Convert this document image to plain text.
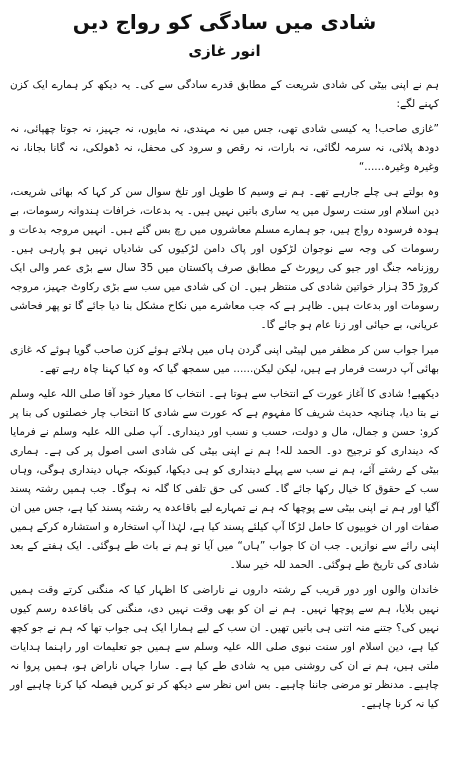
شادی میں سادگی کو رواج دیں
انور غازی

ہم نے اپنی بیٹی کی شادی شریعت کے مطابق قدرے سادگی سے کی۔ یہ دیکھ کر ہمارے ایک کزن کہنے لگے:

”غازی صاحب! یہ کیسی شادی تھی، جس میں نہ مہندی، نہ مایوں، نہ جہیز، نہ جوتا چھپائی، نہ دودھ پلائی، نہ سرمہ لگائی، نہ بارات، نہ رقص و سرود کی محفل، نہ ڈھولکی، نہ گانا بجانا، نہ وغیرہ وغیرہ......“

وہ بولتے ہی چلے جارہے تھے۔ ہم نے وسیم کا طویل اور تلخ سوال سن کر کہا کہ بھائی شریعت، دین اسلام اور سنت رسول میں یہ ساری باتیں نہیں ہیں۔ یہ بدعات، خرافات ہندوانہ رسومات، بے ہودہ فرسودہ رواج ہیں، جو ہمارے مسلم معاشروں میں رچ بس گئے ہیں۔ انہیں مروجہ بدعات و رسومات کی وجہ سے نوجوان لڑکوں اور پاک دامن لڑکیوں کی شادیاں نہیں ہو پارہی ہیں۔ روزنامہ جنگ اور جیو کی رپورٹ کے مطابق صرف پاکستان میں 35 سال سے بڑی عمر والی ایک کروڑ 35 ہزار خواتین شادی کی منتظر ہیں۔ ان کی شادی میں سب سے بڑی رکاوٹ جہیز، مروجہ رسومات اور بدعات ہیں۔ ظاہر ہے کہ جب معاشرے میں نکاح مشکل بنا دیا جائے گا تو پھر فحاشی عریانی، بے حیائی اور زنا عام ہو جائے گا۔

میرا جواب سن کر مظفر میں لپیٹی اپنی گردن ہاں میں ہلاتے ہوئے کزن صاحب گویا ہوئے کہ غازی بھائی آپ درست فرمار ہے ہیں، لیکن لیکن...... میں سمجھ گیا کہ وہ کیا کہنا چاہ رہے تھے۔

دیکھیے! شادی کا آغاز عورت کے انتخاب سے ہوتا ہے۔ انتخاب کا معیار خود آقا صلی اللہ علیہ وسلم نے بتا دیا، چنانچہ حدیث شریف کا مفہوم ہے کہ عورت سے شادی کا انتخاب چار خصلتوں کی بنا پر کرو: حسن و جمال، مال و دولت، حسب و نسب اور دینداری۔ آپ صلی اللہ علیہ وسلم نے فرمایا کہ دینداری کو ترجیح دو۔ الحمد للہ! ہم نے اپنی بیٹی کی شادی اسی اصول پر کی ہے۔ ہماری بیٹی کے رشتے آئے، ہم نے سب سے پہلے دینداری کو ہی دیکھا، کیونکہ جہاں دینداری ہوگی، وہاں سب کے حقوق کا خیال رکھا جائے گا۔ کسی کی حق تلفی کا گلہ نہ ہوگا۔ جب ہمیں رشتہ پسند آگیا اور ہم نے اپنی بیٹی سے پوچھا کہ ہم نے تمہارے لیے باقاعدہ یہ رشتہ پسند کیا ہے، جس میں ان صفات اور ان خوبیوں کا حامل لڑکا آپ کیلئے پسند کیا ہے، لہٰذا آپ استخارہ و استشارہ کرکے ہمیں اپنی رائے سے نوازیں۔ جب ان کا جواب ”ہاں“ میں آیا تو ہم نے بات طے ہوگئی۔ ایک ہفتے کے بعد شادی کی تاریخ طے ہوگئی۔ الحمد للہ خیر سلا۔

خاندان والوں اور دور قریب کے رشتہ داروں نے ناراضی کا اظہار کیا کہ منگنی کرتے وقت ہمیں نہیں بلایا، ہم سے پوچھا نہیں۔ ہم نے ان کو بھی وقت نہیں دی، منگنی کی باقاعدہ رسم کیوں نہیں کی؟ جتنے منہ اتنی ہی باتیں تھیں۔ ان سب کے لیے ہمارا ایک ہی جواب تھا کہ ہم نے جو کچھ کیا ہے، دین اسلام اور سنت نبوی صلی اللہ علیہ وسلم سے ہمیں جو تعلیمات اور راہنما ہدایات ملتی ہیں، ہم نے ان کی روشنی میں یہ شادی طے کیا ہے۔ سارا جہاں ناراض ہو، ہمیں پروا نہ چاہیے۔ مدنظر تو مرضی جاننا چاہیے۔ بس اس نظر سے دیکھ کر تو کریں فیصلہ کیا کرنا چاہیے اور کیا نہ کرنا چاہیے۔
